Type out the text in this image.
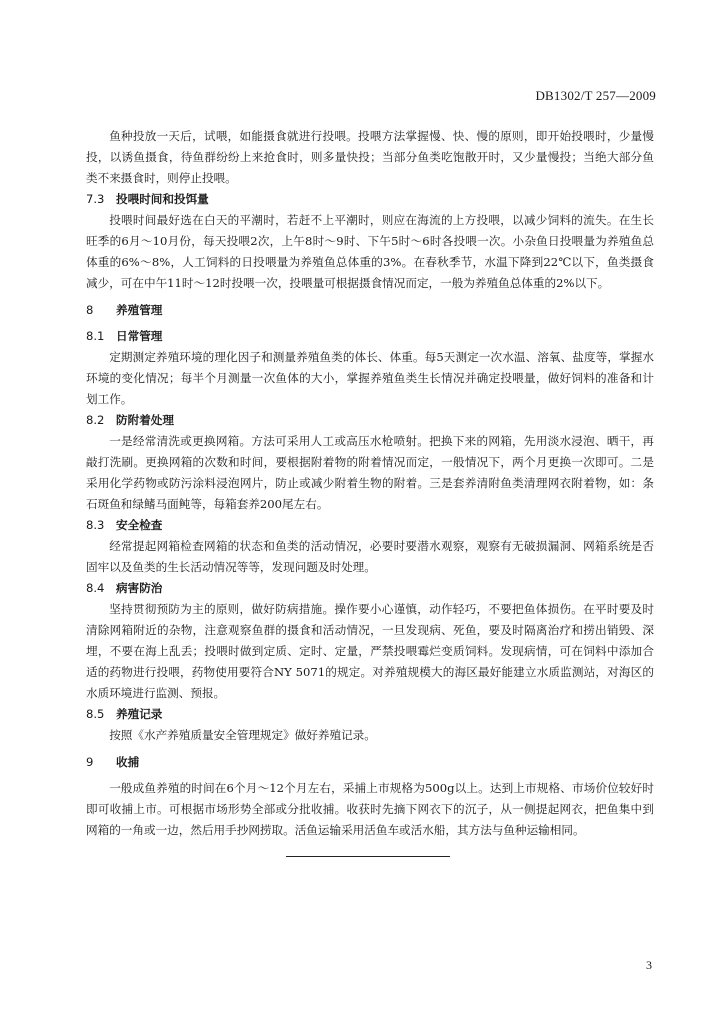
DB1302/T 257—2009

鱼种投放一天后，试喂，如能摄食就进行投喂。投喂方法掌握慢、快、慢的原则，即开始投喂时，少量慢投，以诱鱼摄食，待鱼群纷纷上来抢食时，则多量快投；当部分鱼类吃饱散开时，又少量慢投；当绝大部分鱼类不来摄食时，则停止投喂。

7.3 投喂时间和投饵量

投喂时间最好选在白天的平潮时，若赶不上平潮时，则应在海流的上方投喂，以减少饲料的流失。在生长旺季的6月～10月份，每天投喂2次，上午8时～9时、下午5时～6时各投喂一次。小杂鱼日投喂量为养殖鱼总体重的6%～8%，人工饲料的日投喂量为养殖鱼总体重的3%。在春秋季节，水温下降到22℃以下，鱼类摄食减少，可在中午11时～12时投喂一次，投喂量可根据摄食情况而定，一般为养殖鱼总体重的2%以下。

8 养殖管理
8.1 日常管理

定期测定养殖环境的理化因子和测量养殖鱼类的体长、体重。每5天测定一次水温、溶氧、盐度等，掌握水环境的变化情况；每半个月测量一次鱼体的大小，掌握养殖鱼类生长情况并确定投喂量，做好饲料的准备和计划工作。

8.2 防附着处理

一是经常清洗或更换网箱。方法可采用人工或高压水枪喷射。把换下来的网箱，先用淡水浸泡、晒干，再敲打洗刷。更换网箱的次数和时间，要根据附着物的附着情况而定，一般情况下，两个月更换一次即可。二是采用化学药物或防污涂料浸泡网片，防止或减少附着生物的附着。三是套养清附鱼类清理网衣附着物，如：条石斑鱼和绿鳍马面鲀等，每箱套养200尾左右。

8.3 安全检查

经常提起网箱检查网箱的状态和鱼类的活动情况，必要时要潜水观察，观察有无破损漏洞、网箱系统是否固牢以及鱼类的生长活动情况等等，发现问题及时处理。

8.4 病害防治

坚持贯彻预防为主的原则，做好防病措施。操作要小心谨慎，动作轻巧，不要把鱼体损伤。在平时要及时清除网箱附近的杂物，注意观察鱼群的摄食和活动情况，一旦发现病、死鱼，要及时隔离治疗和捞出销毁、深埋，不要在海上乱丢；投喂时做到定质、定时、定量，严禁投喂霉烂变质饲料。发现病情，可在饲料中添加合适的药物进行投喂，药物使用要符合NY 5071的规定。对养殖规模大的海区最好能建立水质监测站，对海区的水质环境进行监测、预报。

8.5 养殖记录

按照《水产养殖质量安全管理规定》做好养殖记录。

9 收捕

一般成鱼养殖的时间在6个月～12个月左右，采捕上市规格为500g以上。达到上市规格、市场价位较好时即可收捕上市。可根据市场形势全部或分批收捕。收获时先摘下网衣下的沉子，从一侧提起网衣，把鱼集中到网箱的一角或一边，然后用手抄网捞取。活鱼运输采用活鱼车或活水船，其方法与鱼种运输相同。

3
